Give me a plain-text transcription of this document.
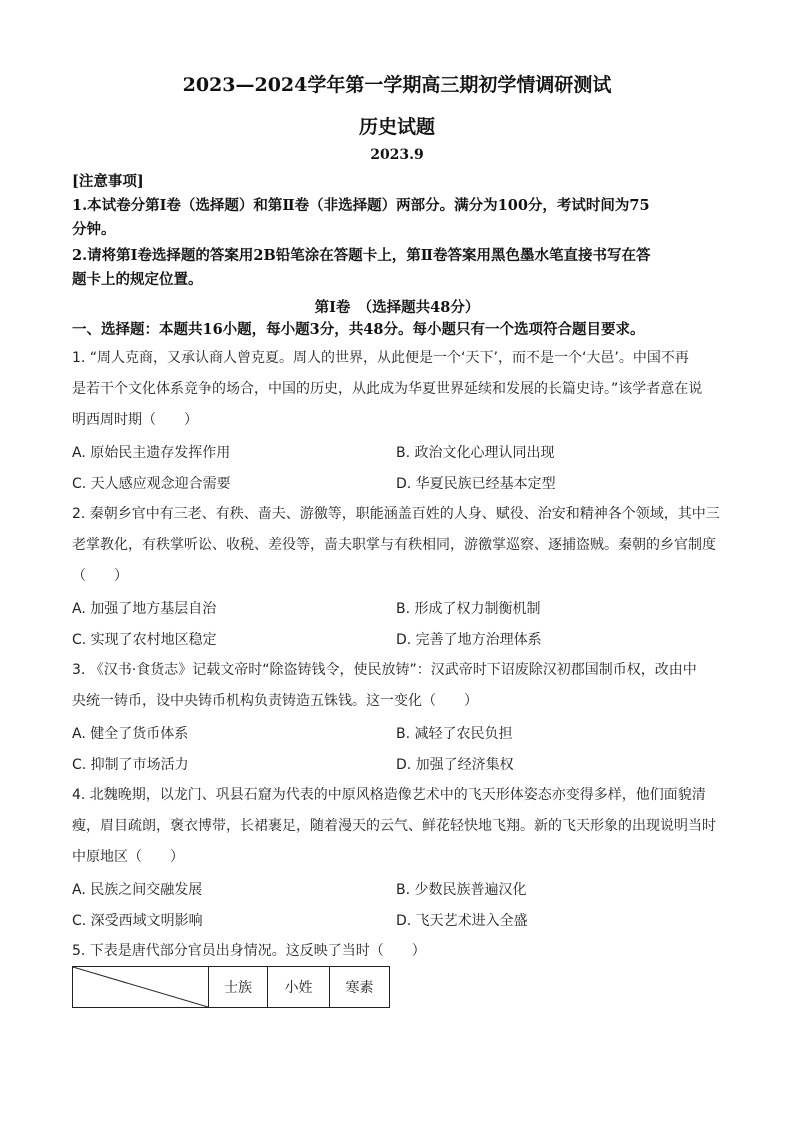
2023—2024学年第一学期高三期初学情调研测试
历史试题
2023.9
[注意事项]
1.本试卷分第Ⅰ卷（选择题）和第Ⅱ卷（非选择题）两部分。满分为100分，考试时间为75
分钟。
2.请将第Ⅰ卷选择题的答案用2B铅笔涂在答题卡上，第Ⅱ卷答案用黑色墨水笔直接书写在答
题卡上的规定位置。
第Ⅰ卷　（选择题共48分）
一、选择题：本题共16小题，每小题3分，共48分。每小题只有一个选项符合题目要求。
1. “周人克商，又承认商人曾克夏。周人的世界，从此便是一个‘天下’，而不是一个‘大邑’。中国不再
是若干个文化体系竞争的场合，中国的历史，从此成为华夏世界延续和发展的长篇史诗。”该学者意在说
明西周时期（　　）
A. 原始民主遗存发挥作用	B. 政治文化心理认同出现
C. 天人感应观念迎合需要	D. 华夏民族已经基本定型
2. 秦朝乡官中有三老、有秩、啬夫、游徼等，职能涵盖百姓的人身、赋役、治安和精神各个领域，其中三
老掌教化，有秩掌听讼、收税、差役等，啬夫职掌与有秩相同，游徼掌巡察、逐捕盗贼。秦朝的乡官制度
（　　）
A. 加强了地方基层自治	B. 形成了权力制衡机制
C. 实现了农村地区稳定	D. 完善了地方治理体系
3. 《汉书·食货志》记载文帝时“除盗铸钱令，使民放铸”：汉武帝时下诏废除汉初郡国制币权，改由中
央统一铸币，设中央铸币机构负责铸造五铢钱。这一变化（　　）
A. 健全了货币体系	B. 减轻了农民负担
C. 抑制了市场活力	D. 加强了经济集权
4. 北魏晚期，以龙门、巩县石窟为代表的中原风格造像艺术中的飞天形体姿态亦变得多样，他们面貌清
瘦，眉目疏朗，褒衣博带，长裙裹足，随着漫天的云气、鲜花轻快地飞翔。新的飞天形象的出现说明当时
中原地区（　　）
A. 民族之间交融发展	B. 少数民族普遍汉化
C. 深受西域文明影响	D. 飞天艺术进入全盛
5. 下表是唐代部分官员出身情况。这反映了当时（　　）
	士族	小姓	寒素
